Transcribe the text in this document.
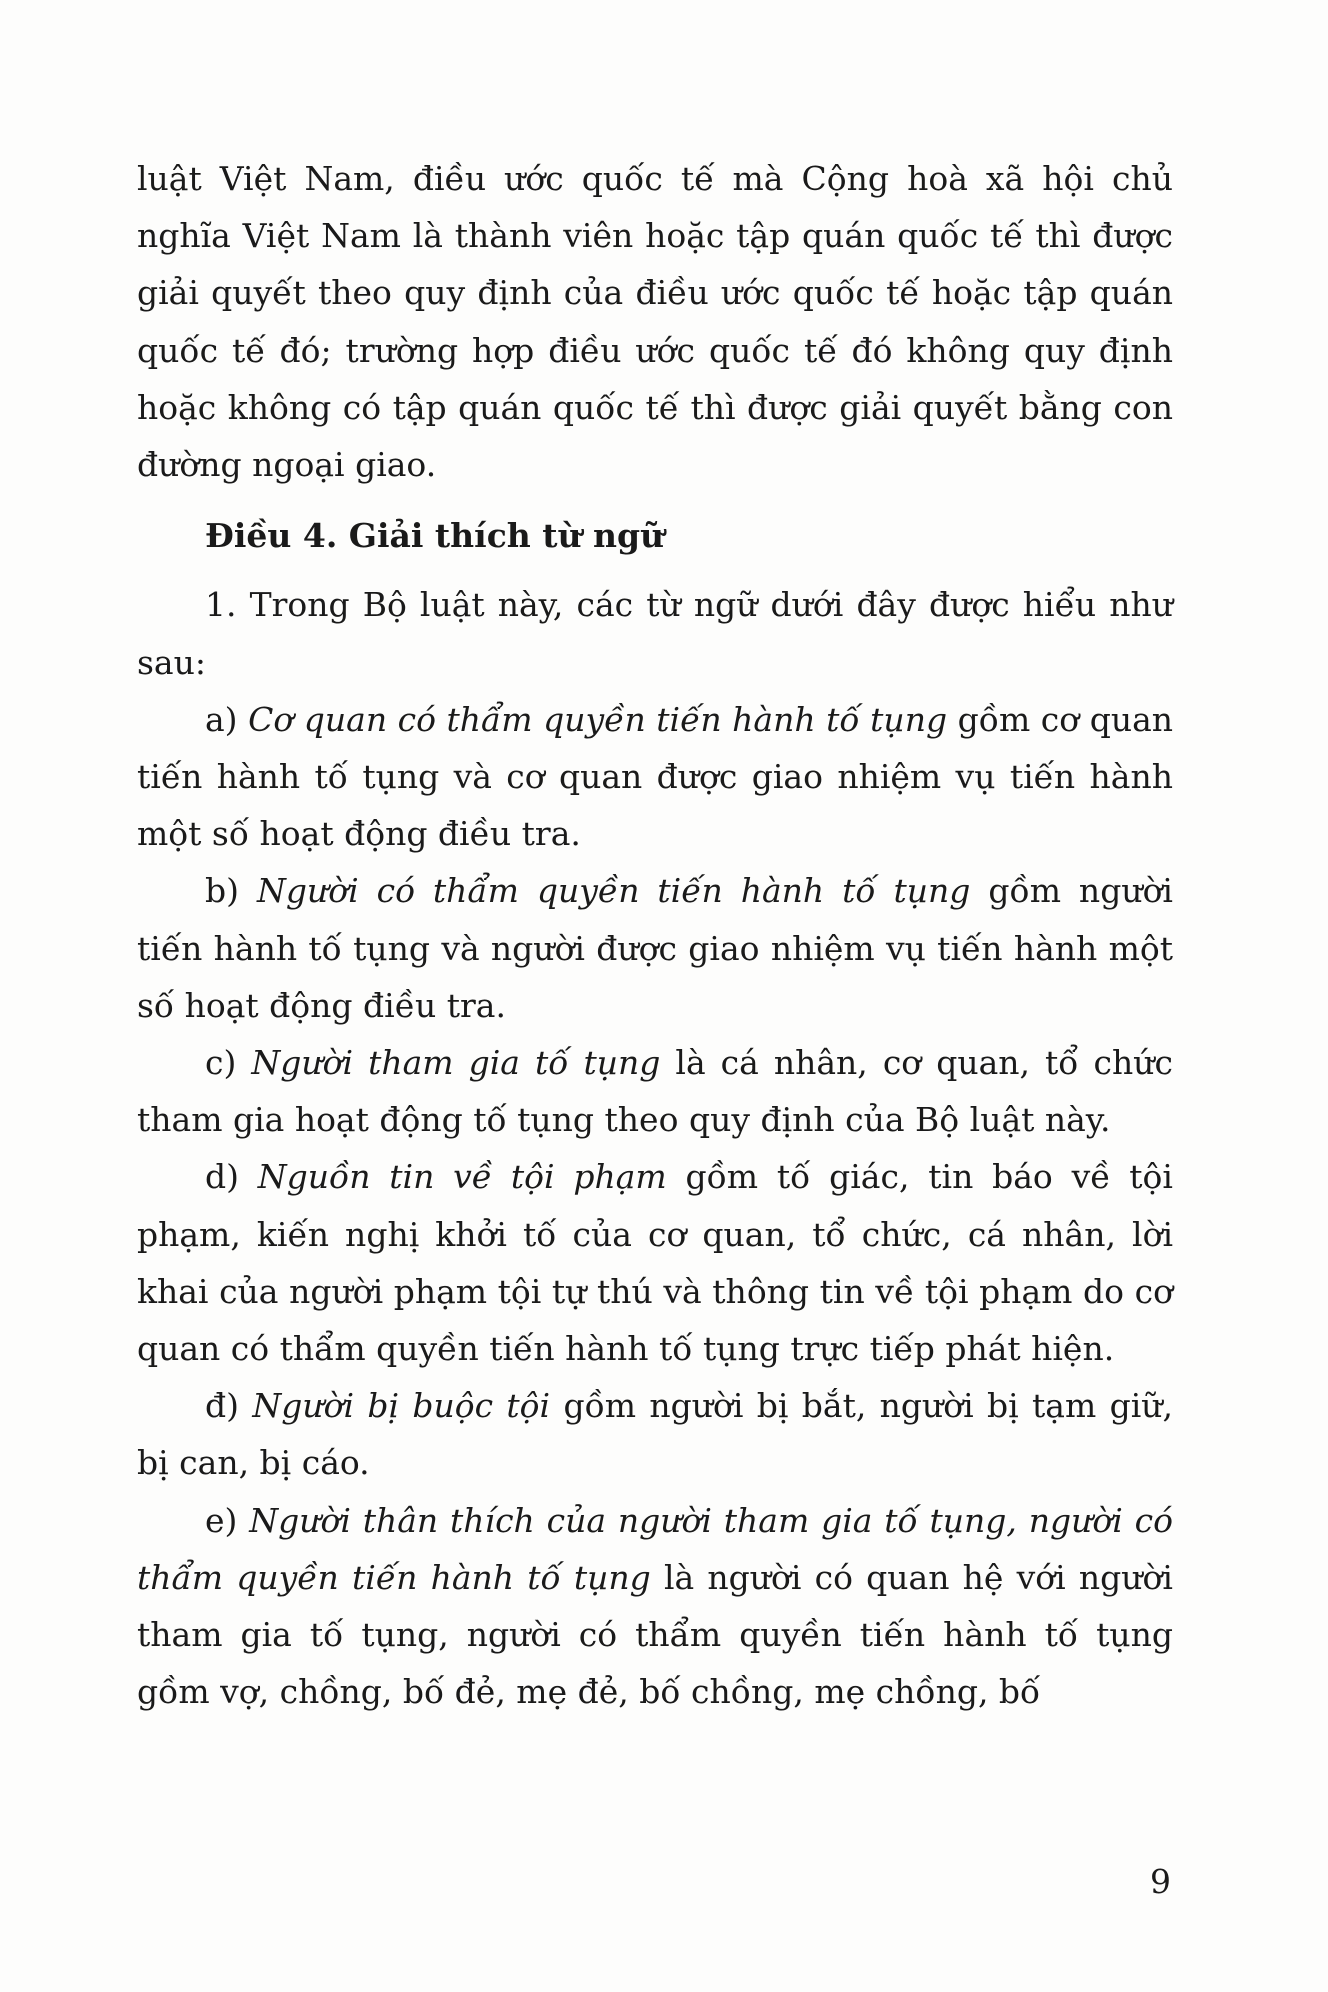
luật Việt Nam, điều ước quốc tế mà Cộng hoà xã hội chủ nghĩa Việt Nam là thành viên hoặc tập quán quốc tế thì được giải quyết theo quy định của điều ước quốc tế hoặc tập quán quốc tế đó; trường hợp điều ước quốc tế đó không quy định hoặc không có tập quán quốc tế thì được giải quyết bằng con đường ngoại giao.

Điều 4. Giải thích từ ngữ

1. Trong Bộ luật này, các từ ngữ dưới đây được hiểu như sau:

a) Cơ quan có thẩm quyền tiến hành tố tụng gồm cơ quan tiến hành tố tụng và cơ quan được giao nhiệm vụ tiến hành một số hoạt động điều tra.

b) Người có thẩm quyền tiến hành tố tụng gồm người tiến hành tố tụng và người được giao nhiệm vụ tiến hành một số hoạt động điều tra.

c) Người tham gia tố tụng là cá nhân, cơ quan, tổ chức tham gia hoạt động tố tụng theo quy định của Bộ luật này.

d) Nguồn tin về tội phạm gồm tố giác, tin báo về tội phạm, kiến nghị khởi tố của cơ quan, tổ chức, cá nhân, lời khai của người phạm tội tự thú và thông tin về tội phạm do cơ quan có thẩm quyền tiến hành tố tụng trực tiếp phát hiện.

đ) Người bị buộc tội gồm người bị bắt, người bị tạm giữ, bị can, bị cáo.

e) Người thân thích của người tham gia tố tụng, người có thẩm quyền tiến hành tố tụng là người có quan hệ với người tham gia tố tụng, người có thẩm quyền tiến hành tố tụng gồm vợ, chồng, bố đẻ, mẹ đẻ, bố chồng, mẹ chồng, bố

9
